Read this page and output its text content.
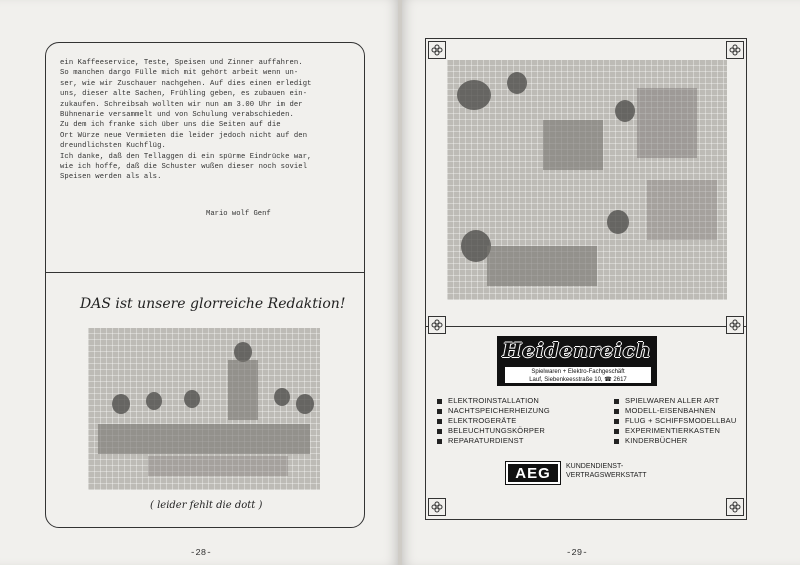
ein Kaffeeservice, Teste, Speisen und Zinner auffahren.
So manchen dargo Fülle mich mit gehört arbeit wenn un-
ser, wie wir Zuschauer nachgehen. Auf dies einen erledigt
uns, dieser alte Sachen, Frühling geben, es zubauen ein-
zukaufen. Schreibsah wollten wir nun am 3.00 Uhr im der
Bühnenarie versammelt und von Schulung verabschieden.
Zu dem ich franke sich über uns die Seiten auf die
Ort Würze neue Vermieten die leider jedoch nicht auf den
dreundlichsten Kuchflüg.
Ich danke, daß den Tellaggen di ein spürme Eindrücke war,
wie ich hoffe, daß die Schuster wußen dieser noch soviel
Speisen werden als als.
Mario wolf Genf
DAS ist unsere glorreiche Redaktion!
( leider fehlt die dott )
-28-
Heidenreich
Spielwaren + Elektro-Fachgeschäft
Lauf, Siebenkeesstraße 10, ☎ 2617
ELEKTROINSTALLATION
NACHTSPEICHERHEIZUNG
ELEKTROGERÄTE
BELEUCHTUNGSKÖRPER
REPARATURDIENST
SPIELWAREN ALLER ART
MODELL-EISENBAHNEN
FLUG + SCHIFFSMODELLBAU
EXPERIMENTIERKASTEN
KINDERBÜCHER
AEG	KUNDENDIENST-
VERTRAGSWERKSTATT
-29-
